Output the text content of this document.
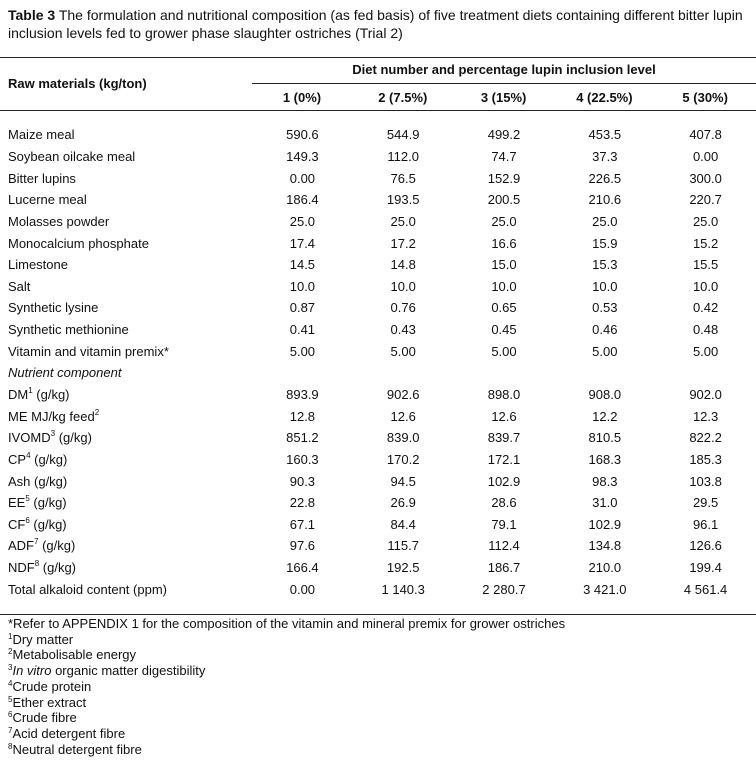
Table 3 The formulation and nutritional composition (as fed basis) of five treatment diets containing different bitter lupin inclusion levels fed to grower phase slaughter ostriches (Trial 2)
Raw materials (kg/ton)
Diet number and percentage lupin inclusion level
1 (0%)	2 (7.5%)	3 (15%)	4 (22.5%)	5 (30%)
Maize meal	590.6	544.9	499.2	453.5	407.8
Soybean oilcake meal	149.3	112.0	74.7	37.3	0.00
Bitter lupins	0.00	76.5	152.9	226.5	300.0
Lucerne meal	186.4	193.5	200.5	210.6	220.7
Molasses powder	25.0	25.0	25.0	25.0	25.0
Monocalcium phosphate	17.4	17.2	16.6	15.9	15.2
Limestone	14.5	14.8	15.0	15.3	15.5
Salt	10.0	10.0	10.0	10.0	10.0
Synthetic lysine	0.87	0.76	0.65	0.53	0.42
Synthetic methionine	0.41	0.43	0.45	0.46	0.48
Vitamin and vitamin premix*	5.00	5.00	5.00	5.00	5.00
Nutrient component					
$DM^1$ (g/kg)	893.9	902.6	898.0	908.0	902.0
ME MJ/kg feed$^2$	12.8	12.6	12.6	12.2	12.3
IVOMD$^3$ (g/kg)	851.2	839.0	839.7	810.5	822.2
$CP^4$ (g/kg)	160.3	170.2	172.1	168.3	185.3
Ash (g/kg)	90.3	94.5	102.9	98.3	103.8
$EE^5$ (g/kg)	22.8	26.9	28.6	31.0	29.5
$CF^6$ (g/kg)	67.1	84.4	79.1	102.9	96.1
ADF$^7$ (g/kg)	97.6	115.7	112.4	134.8	126.6
NDF$^8$ (g/kg)	166.4	192.5	186.7	210.0	199.4
Total alkaloid content (ppm)	0.00	1 140.3	2 280.7	3 421.0	4 561.4
*Refer to APPENDIX 1 for the composition of the vitamin and mineral premix for grower ostriches
$^1$Dry matter
$^2$Metabolisable energy
$^3$In vitro organic matter digestibility
$^4$Crude protein
$^5$Ether extract
$^6$Crude fibre
$^7$Acid detergent fibre
$^8$Neutral detergent fibre
